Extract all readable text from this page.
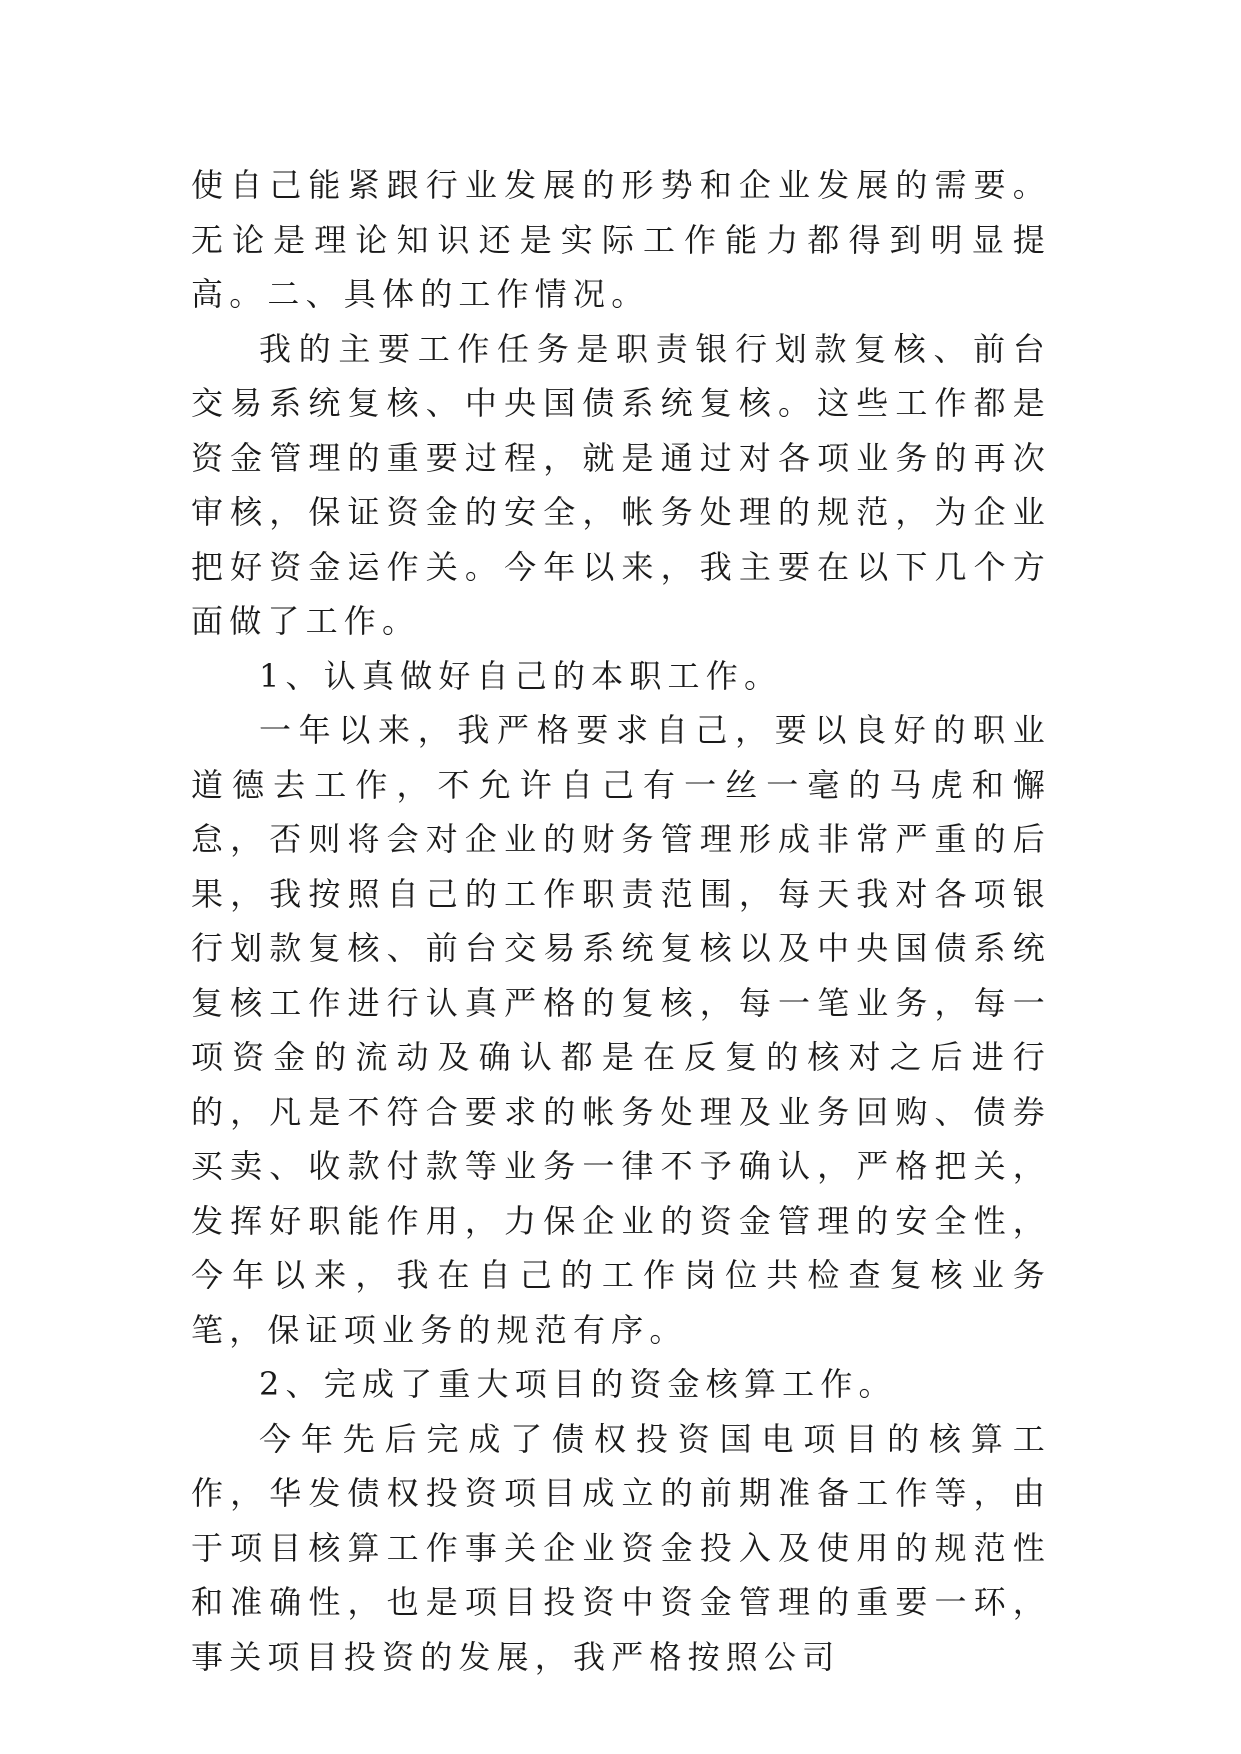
使自己能紧跟行业发展的形势和企业发展的需要。无论是理论知识还是实际工作能力都得到明显提高。二、具体的工作情况。

我的主要工作任务是职责银行划款复核、前台交易系统复核、中央国债系统复核。这些工作都是资金管理的重要过程，就是通过对各项业务的再次审核，保证资金的安全，帐务处理的规范，为企业把好资金运作关。今年以来，我主要在以下几个方面做了工作。

1、认真做好自己的本职工作。

一年以来，我严格要求自己，要以良好的职业道德去工作，不允许自己有一丝一毫的马虎和懈怠，否则将会对企业的财务管理形成非常严重的后果，我按照自己的工作职责范围，每天我对各项银行划款复核、前台交易系统复核以及中央国债系统复核工作进行认真严格的复核，每一笔业务，每一项资金的流动及确认都是在反复的核对之后进行的，凡是不符合要求的帐务处理及业务回购、债券买卖、收款付款等业务一律不予确认，严格把关，发挥好职能作用，力保企业的资金管理的安全性，今年以来，我在自己的工作岗位共检查复核业务笔，保证项业务的规范有序。

2、完成了重大项目的资金核算工作。

今年先后完成了债权投资国电项目的核算工作，华发债权投资项目成立的前期准备工作等，由于项目核算工作事关企业资金投入及使用的规范性和准确性，也是项目投资中资金管理的重要一环，事关项目投资的发展，我严格按照公司
